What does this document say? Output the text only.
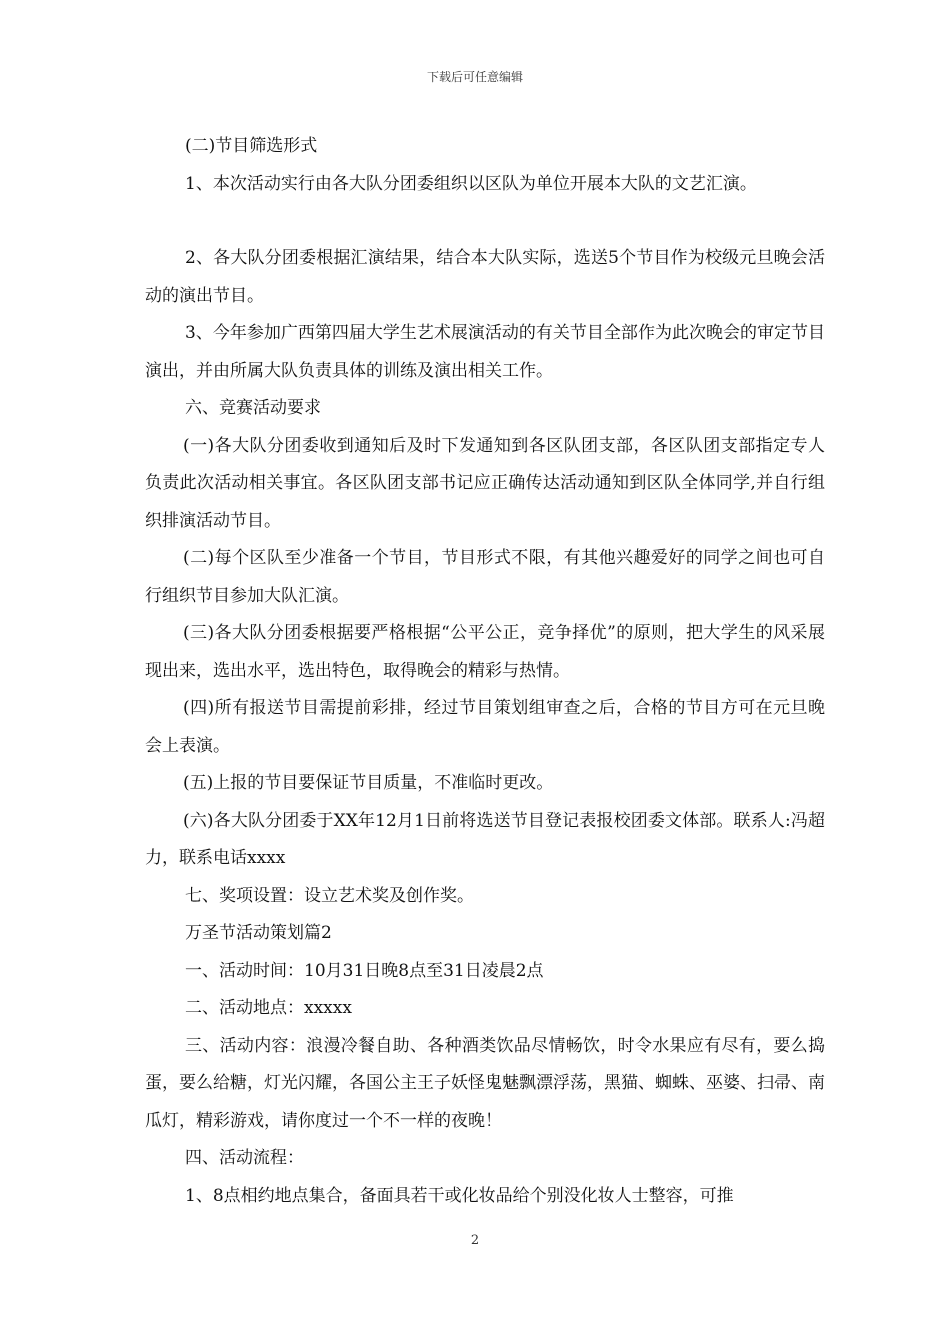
下载后可任意编辑

(二)节目筛选形式

1、本次活动实行由各大队分团委组织以区队为单位开展本大队的文艺汇演。

2、各大队分团委根据汇演结果，结合本大队实际，选送5个节目作为校级元旦晚会活动的演出节目。

3、今年参加广西第四届大学生艺术展演活动的有关节目全部作为此次晚会的审定节目演出，并由所属大队负责具体的训练及演出相关工作。

六、竞赛活动要求

(一)各大队分团委收到通知后及时下发通知到各区队团支部，各区队团支部指定专人负责此次活动相关事宜。各区队团支部书记应正确传达活动通知到区队全体同学,并自行组织排演活动节目。

(二)每个区队至少准备一个节目，节目形式不限，有其他兴趣爱好的同学之间也可自行组织节目参加大队汇演。

(三)各大队分团委根据要严格根据“公平公正，竞争择优”的原则，把大学生的风采展现出来，选出水平，选出特色，取得晚会的精彩与热情。

(四)所有报送节目需提前彩排，经过节目策划组审查之后，合格的节目方可在元旦晚会上表演。

(五)上报的节目要保证节目质量，不准临时更改。

(六)各大队分团委于XX年12月1日前将选送节目登记表报校团委文体部。联系人:冯超力，联系电话xxxx

七、奖项设置：设立艺术奖及创作奖。

万圣节活动策划篇2

一、活动时间：10月31日晚8点至31日凌晨2点

二、活动地点：xxxxx

三、活动内容：浪漫冷餐自助、各种酒类饮品尽情畅饮，时令水果应有尽有，要么捣蛋，要么给糖，灯光闪耀，各国公主王子妖怪鬼魅飘漂浮荡，黑猫、蜘蛛、巫婆、扫帚、南瓜灯，精彩游戏，请你度过一个不一样的夜晚！

四、活动流程：

1、8点相约地点集合，备面具若干或化妆品给个别没化妆人士整容，可推

2
